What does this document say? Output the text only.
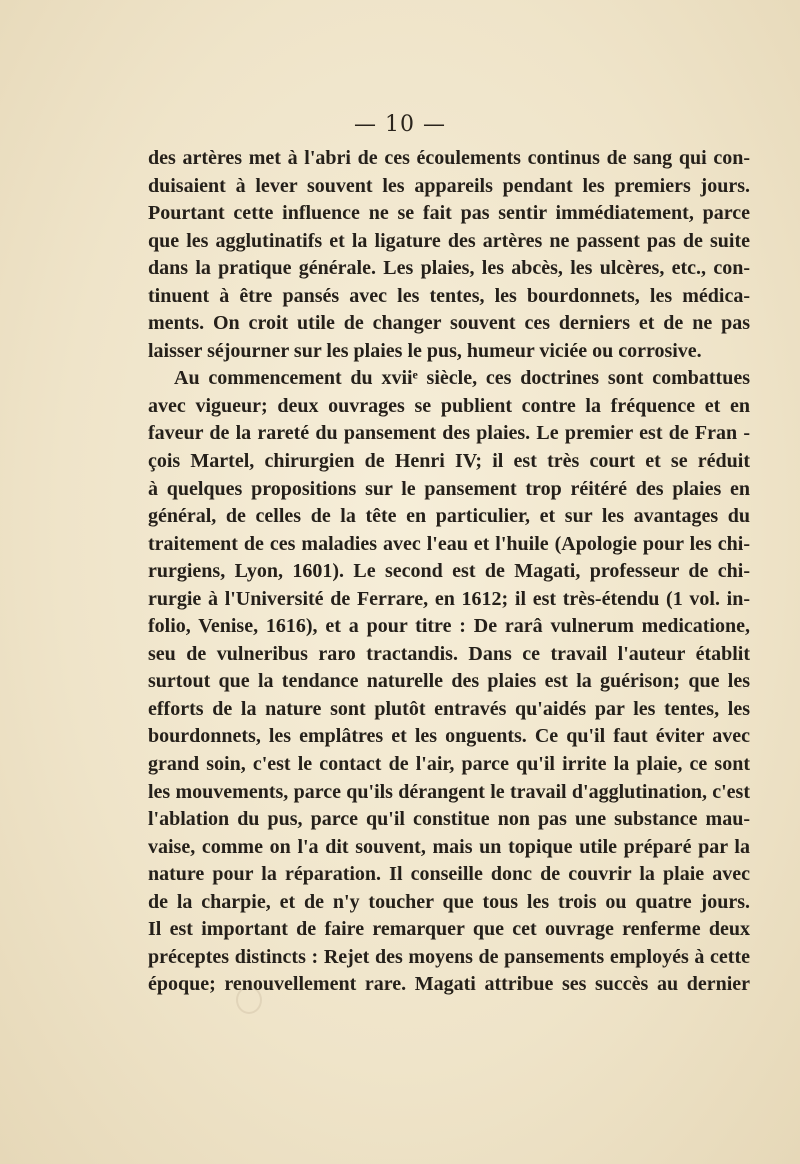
— 10 —
des artères met à l'abri de ces écoulements continus de sang qui con-
duisaient à lever souvent les appareils pendant les premiers jours.
Pourtant cette influence ne se fait pas sentir immédiatement, parce
que les agglutinatifs et la ligature des artères ne passent pas de suite
dans la pratique générale. Les plaies, les abcès, les ulcères, etc., con-
tinuent à être pansés avec les tentes, les bourdonnets, les médica-
ments. On croit utile de changer souvent ces derniers et de ne pas
laisser séjourner sur les plaies le pus, humeur viciée ou corrosive.
Au commencement du xviiᵉ siècle, ces doctrines sont combattues
avec vigueur; deux ouvrages se publient contre la fréquence et en
faveur de la rareté du pansement des plaies. Le premier est de Fran -
çois Martel, chirurgien de Henri IV; il est très court et se réduit
à quelques propositions sur le pansement trop réitéré des plaies en
général, de celles de la tête en particulier, et sur les avantages du
traitement de ces maladies avec l'eau et l'huile (Apologie pour les chi-
rurgiens, Lyon, 1601). Le second est de Magati, professeur de chi-
rurgie à l'Université de Ferrare, en 1612; il est très-étendu (1 vol. in-
folio, Venise, 1616), et a pour titre : De rarâ vulnerum medicatione,
seu de vulneribus raro tractandis. Dans ce travail l'auteur établit
surtout que la tendance naturelle des plaies est la guérison; que les
efforts de la nature sont plutôt entravés qu'aidés par les tentes, les
bourdonnets, les emplâtres et les onguents. Ce qu'il faut éviter avec
grand soin, c'est le contact de l'air, parce qu'il irrite la plaie, ce sont
les mouvements, parce qu'ils dérangent le travail d'agglutination, c'est
l'ablation du pus, parce qu'il constitue non pas une substance mau-
vaise, comme on l'a dit souvent, mais un topique utile préparé par la
nature pour la réparation. Il conseille donc de couvrir la plaie avec
de la charpie, et de n'y toucher que tous les trois ou quatre jours.
Il est important de faire remarquer que cet ouvrage renferme deux
préceptes distincts : Rejet des moyens de pansements employés à cette
époque; renouvellement rare. Magati attribue ses succès au dernier
